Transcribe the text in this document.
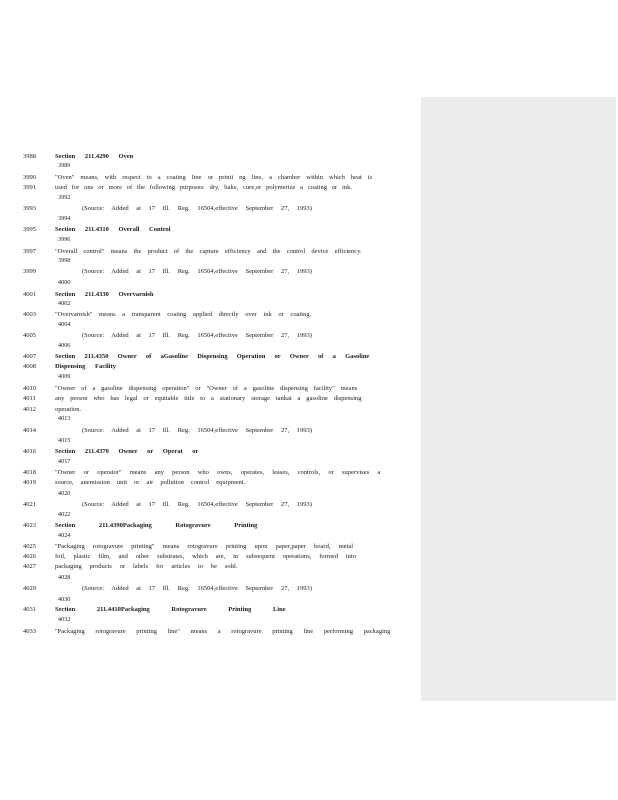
3988	Section 211.4290 Oven
3989
3990	"Oven" means, with respect to a coating line or printi ng line, a chamber within which heat is
3991	used for one or more of the following purposes: dry, bake, cure,or polymerize a coating or ink.
3992
3993	(Source: Added at 17 Ill. Reg. 16504,effective September 27, 1993)
3994
3995	Section 211.4310 Overall Control
3996
3997	"Overall control" means the product of the capture efficiency and the control device efficiency.
3998
3999	(Source: Added at 17 Ill. Reg. 16504,effective September 27, 1993)
4000
4001	Section 211.4330 Overvarnish
4002
4003	"Overvarnish" means a transparent coating applied directly over ink or coating.
4004
4005	(Source: Added at 17 Ill. Reg. 16504,effective September 27, 1993)
4006
4007	Section 211.4350 Owner of aGasoline Dispensing Operation or Owner of a Gasoline
4008	Dispensing Facility
4009
4010	"Owner of a gasoline dispensing operation" or "Owner of a gasoline dispensing facility" means
4011	any person who has legal or equitable title to a stationary storage tankat a gasoline dispensing
4012	operation.
4013
4014	(Source: Added at 17 Ill. Reg. 16504,effective September 27, 1993)
4015
4016	Section 211.4370 Owner or Operat or
4017
4018	"Owner or operator" means any person who owns, operates, leases, controls, or supervises a
4019	source, anemission unit or air pollution control equipment.
4020
4021	(Source: Added at 17 Ill. Reg. 16504,effective September 27, 1993)
4022
4023	Section 211.4390Packaging Rotogravure Printing
4024
4025	"Packaging rotogravure printing" means rotogravure printing upon paper,paper board, metal
4026	foil, plastic film, and other substrates, which are, in subsequent operations, formed into
4027	packaging products or labels for articles to be sold.
4028
4029	(Source: Added at 17 Ill. Reg. 16504,effective September 27, 1993)
4030
4031	Section 211.4410Packaging Rotogravure Printing Line
4032
4033	"Packaging rotogravure printing line" means a rotogravure printing line performing packaging
